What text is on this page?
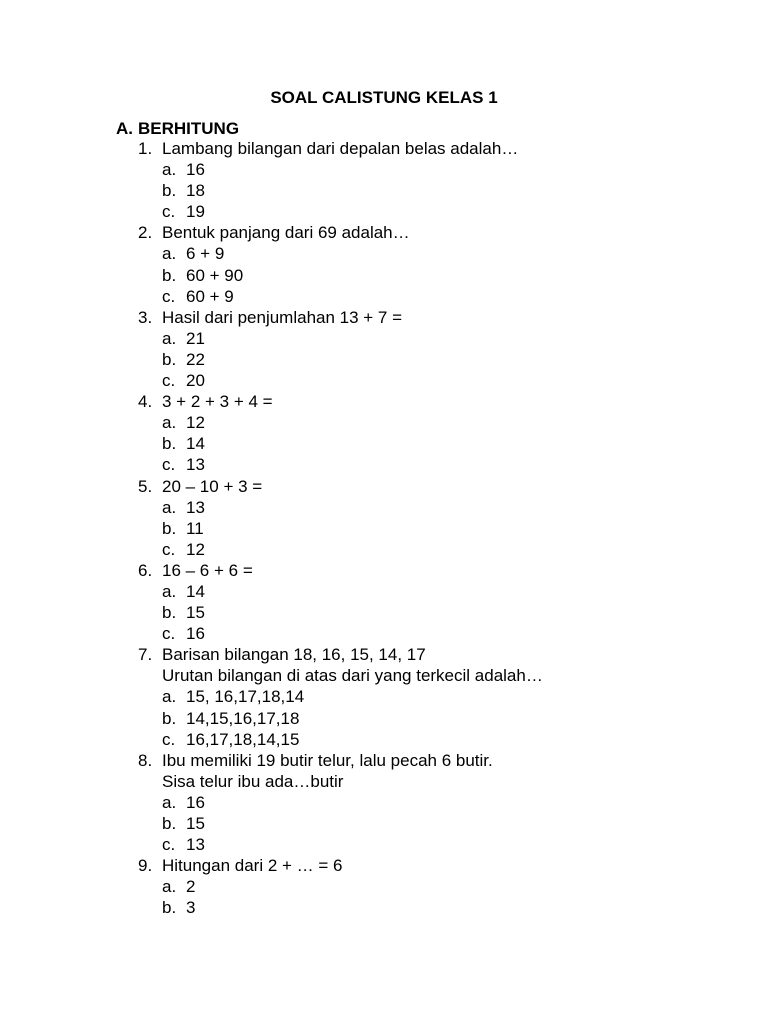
SOAL CALISTUNG KELAS 1
A. BERHITUNG
1. Lambang bilangan dari depalan belas adalah…
a. 16
b. 18
c. 19
2. Bentuk panjang dari 69 adalah…
a. 6 + 9
b. 60 + 90
c. 60 + 9
3. Hasil dari penjumlahan 13 + 7 =
a. 21
b. 22
c. 20
4. 3 + 2 + 3 + 4 =
a. 12
b. 14
c. 13
5. 20 – 10 + 3 =
a. 13
b. 11
c. 12
6. 16 – 6 + 6 =
a. 14
b. 15
c. 16
7. Barisan bilangan 18, 16, 15, 14, 17
Urutan bilangan di atas dari yang terkecil adalah…
a. 15, 16,17,18,14
b. 14,15,16,17,18
c. 16,17,18,14,15
8. Ibu memiliki 19 butir telur, lalu pecah 6 butir.
Sisa telur ibu ada…butir
a. 16
b. 15
c. 13
9. Hitungan dari 2 + … = 6
a. 2
b. 3
